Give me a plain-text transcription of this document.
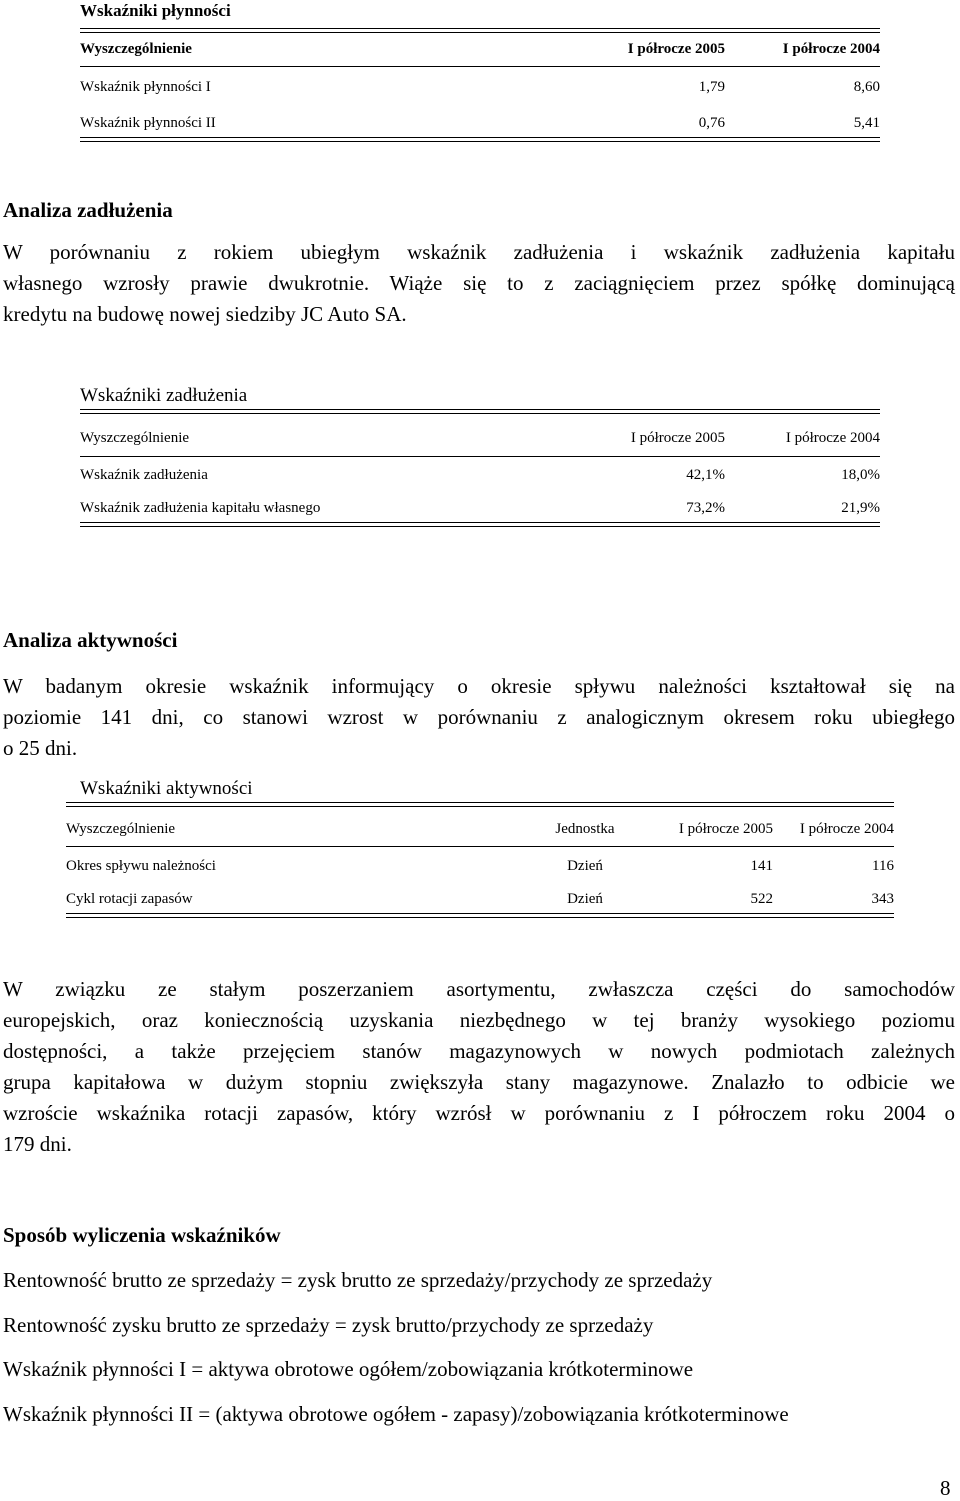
Wskaźniki płynności
Wyszczególnienie	I półrocze 2005	I półrocze 2004
Wskaźnik płynności I	1,79	8,60
Wskaźnik płynności II	0,76	5,41
Analiza zadłużenia
W porównaniu z rokiem ubiegłym wskaźnik zadłużenia i wskaźnik zadłużenia kapitału
własnego wzrosły prawie dwukrotnie. Wiąże się to z zaciągnięciem przez spółkę dominującą
kredytu na budowę nowej siedziby JC Auto SA.
Wskaźniki zadłużenia
Wyszczególnienie	I półrocze 2005	I półrocze 2004
Wskaźnik zadłużenia	42,1%	18,0%
Wskaźnik zadłużenia kapitału własnego	73,2%	21,9%
Analiza aktywności
W badanym okresie wskaźnik informujący o okresie spływu należności kształtował się na
poziomie 141 dni, co stanowi wzrost w porównaniu z analogicznym okresem roku ubiegłego
o 25 dni.
Wskaźniki aktywności
Wyszczególnienie	Jednostka	I półrocze 2005	I półrocze 2004
Okres spływu należności	Dzień	141	116
Cykl rotacji zapasów	Dzień	522	343
W związku ze stałym poszerzaniem asortymentu, zwłaszcza części do samochodów
europejskich, oraz koniecznością uzyskania niezbędnego w tej branży wysokiego poziomu
dostępności, a także przejęciem stanów magazynowych w nowych podmiotach zależnych
grupa kapitałowa w dużym stopniu zwiększyła stany magazynowe. Znalazło to odbicie we
wzroście wskaźnika rotacji zapasów, który wzrósł w porównaniu z I półroczem roku 2004 o
179 dni.
Sposób wyliczenia wskaźników
Rentowność brutto ze sprzedaży = zysk brutto ze sprzedaży/przychody ze sprzedaży
Rentowność zysku brutto ze sprzedaży = zysk brutto/przychody ze sprzedaży
Wskaźnik płynności I = aktywa obrotowe ogółem/zobowiązania krótkoterminowe
Wskaźnik płynności II = (aktywa obrotowe ogółem - zapasy)/zobowiązania krótkoterminowe
8
